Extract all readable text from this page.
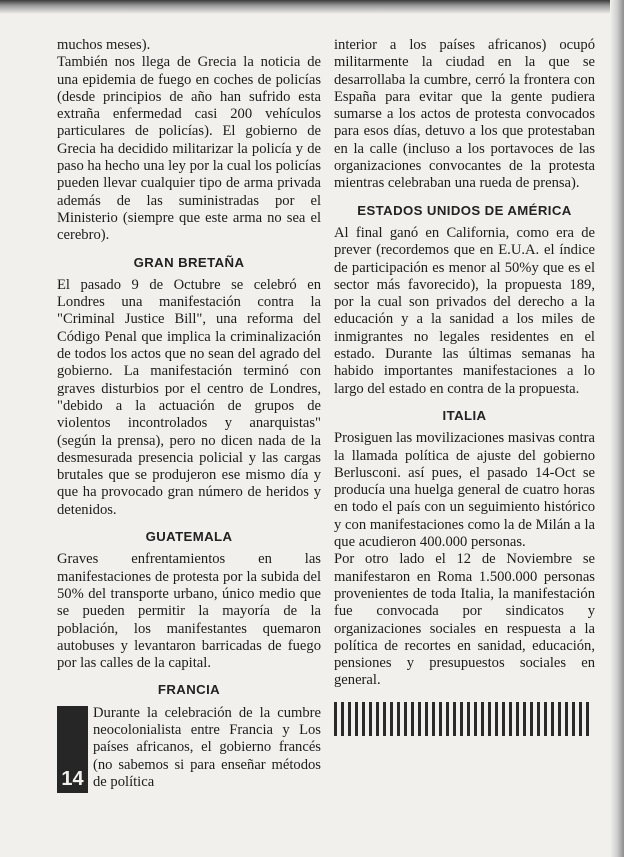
muchos meses).

También nos llega de Grecia la noticia de una epidemia de fuego en coches de policías (desde principios de año han sufrido esta extraña enfermedad casi 200 vehículos particulares de policías). El gobierno de Grecia ha decidido militarizar la policía y de paso ha hecho una ley por la cual los policías pueden llevar cualquier tipo de arma privada además de las suministradas por el Ministerio (siempre que este arma no sea el cerebro).

GRAN BRETAÑA

El pasado 9 de Octubre se celebró en Londres una manifestación contra la "Criminal Justice Bill", una reforma del Código Penal que implica la criminalización de todos los actos que no sean del agrado del gobierno. La manifestación terminó con graves disturbios por el centro de Londres, "debido a la actuación de grupos de violentos incontrolados y anarquistas" (según la prensa), pero no dicen nada de la desmesurada presencia policial y las cargas brutales que se produjeron ese mismo día y que ha provocado gran número de heridos y detenidos.

GUATEMALA

Graves enfrentamientos en las manifestaciones de protesta por la subida del 50% del transporte urbano, único medio que se pueden permitir la mayoría de la población, los manifestantes quemaron autobuses y levantaron barricadas de fuego por las calles de la capital.

FRANCIA
14

Durante la celebración de la cumbre neocolonialista entre Francia y Los países africanos, el gobierno francés (no sabemos si para enseñar métodos de política

interior a los países africanos) ocupó militarmente la ciudad en la que se desarrollaba la cumbre, cerró la frontera con España para evitar que la gente pudiera sumarse a los actos de protesta convocados para esos días, detuvo a los que protestaban en la calle (incluso a los portavoces de las organizaciones convocantes de la protesta mientras celebraban una rueda de prensa).

ESTADOS UNIDOS DE AMÉRICA

Al final ganó en California, como era de prever (recordemos que en E.U.A. el índice de participación es menor al 50%y que es el sector más favorecido), la propuesta 189, por la cual son privados del derecho a la educación y a la sanidad a los miles de inmigrantes no legales residentes en el estado. Durante las últimas semanas ha habido importantes manifestaciones a lo largo del estado en contra de la propuesta.

ITALIA

Prosiguen las movilizaciones masivas contra la llamada política de ajuste del gobierno Berlusconi. así pues, el pasado 14-Oct se producía una huelga general de cuatro horas en todo el país con un seguimiento histórico y con manifestaciones como la de Milán a la que acudieron 400.000 personas.

Por otro lado el 12 de Noviembre se manifestaron en Roma 1.500.000 personas provenientes de toda Italia, la manifestación fue convocada por sindicatos y organizaciones sociales en respuesta a la política de recortes en sanidad, educación, pensiones y presupuestos sociales en general.
